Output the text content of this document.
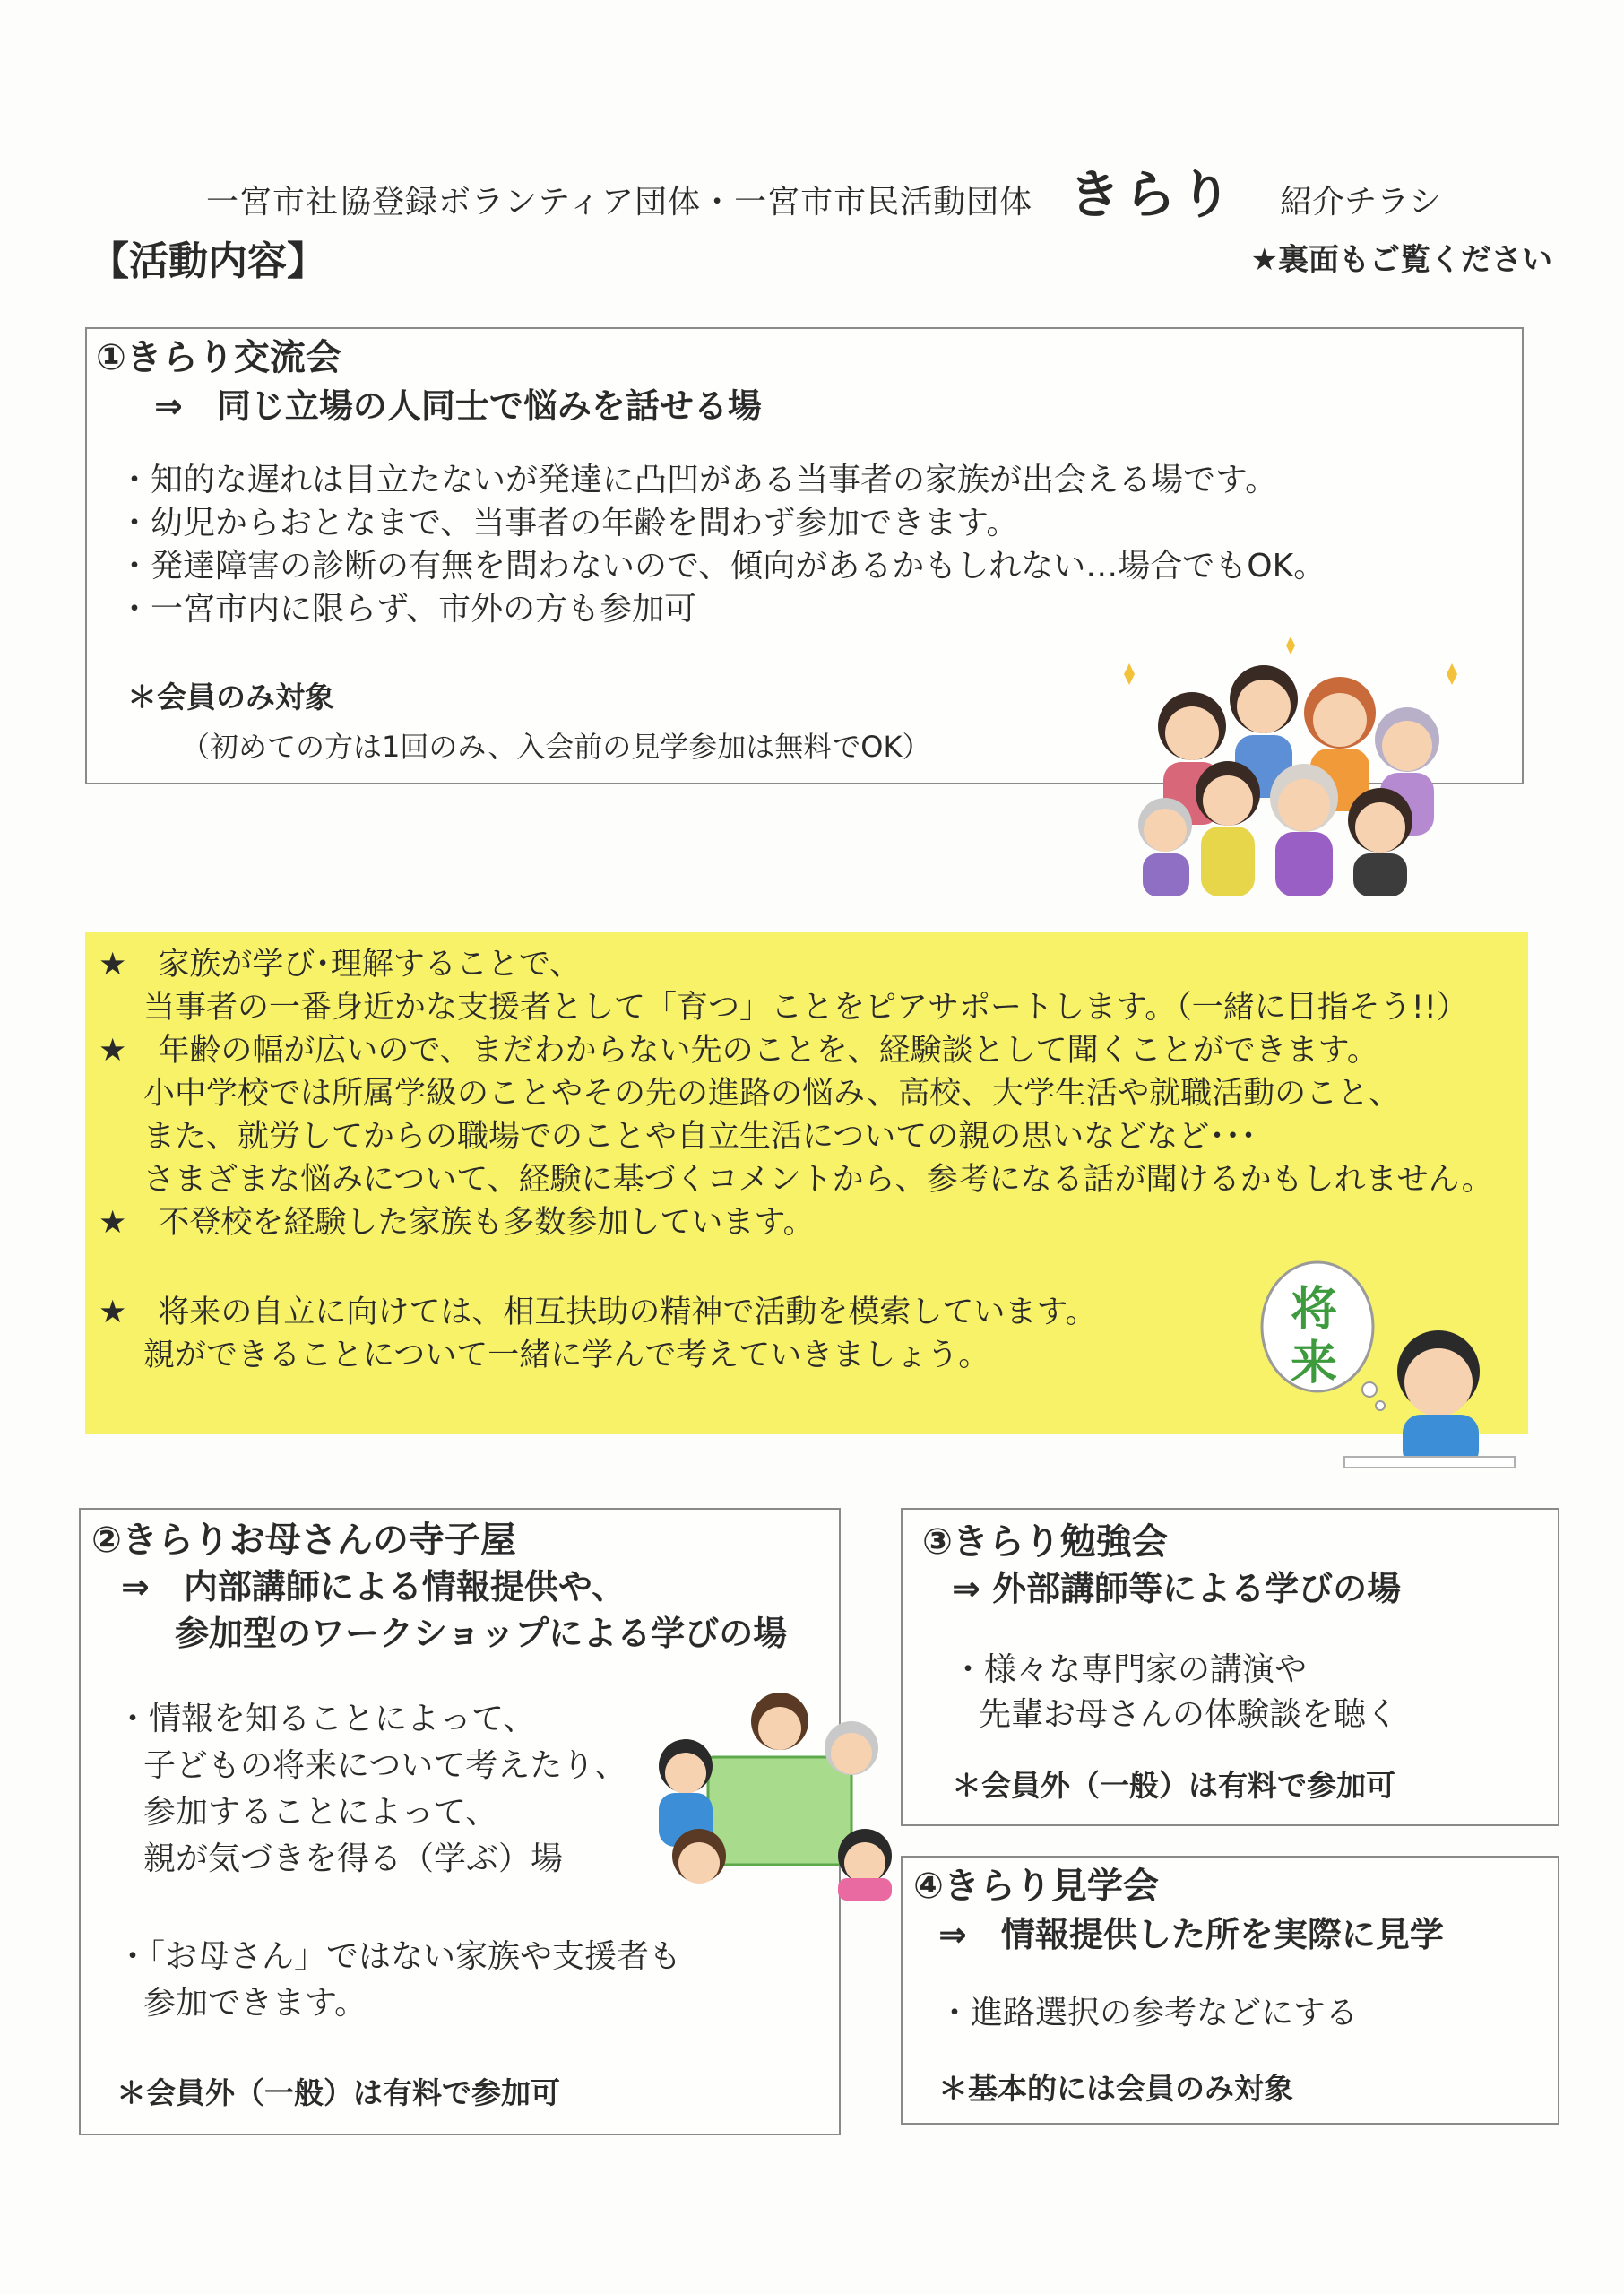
一宮市社協登録ボランティア団体・一宮市市民活動団体 きらり 紹介チラシ
【活動内容】	★裏面もご覧ください
①きらり交流会
⇒　同じ立場の人同士で悩みを話せる場
・知的な遅れは目立たないが発達に凸凹がある当事者の家族が出会える場です。
・幼児からおとなまで、当事者の年齢を問わず参加できます。
・発達障害の診断の有無を問わないので、傾向があるかもしれない…場合でもOK。
・一宮市内に限らず、市外の方も参加可
＊会員のみ対象
（初めての方は1回のみ、入会前の見学参加は無料でOK）
★　家族が学び･理解することで、
当事者の一番身近かな支援者として「育つ」ことをピアサポートします。（一緒に目指そう!!）
★　年齢の幅が広いので、まだわからない先のことを、経験談として聞くことができます。
小中学校では所属学級のことやその先の進路の悩み、高校、大学生活や就職活動のこと、
また、就労してからの職場でのことや自立生活についての親の思いなどなど･･･
さまざまな悩みについて、経験に基づくコメントから、参考になる話が聞けるかもしれません。
★　不登校を経験した家族も多数参加しています。
★　将来の自立に向けては、相互扶助の精神で活動を模索しています。
親ができることについて一緒に学んで考えていきましょう。
将
来
②きらりお母さんの寺子屋
⇒　内部講師による情報提供や、
参加型のワークショップによる学びの場
・情報を知ることによって、
子どもの将来について考えたり、
参加することによって、
親が気づきを得る（学ぶ）場
・「お母さん」ではない家族や支援者も
参加できます。
＊会員外（一般）は有料で参加可
③きらり勉強会
⇒ 外部講師等による学びの場
・様々な専門家の講演や
先輩お母さんの体験談を聴く
＊会員外（一般）は有料で参加可
④きらり見学会
⇒　情報提供した所を実際に見学
・進路選択の参考などにする
＊基本的には会員のみ対象
